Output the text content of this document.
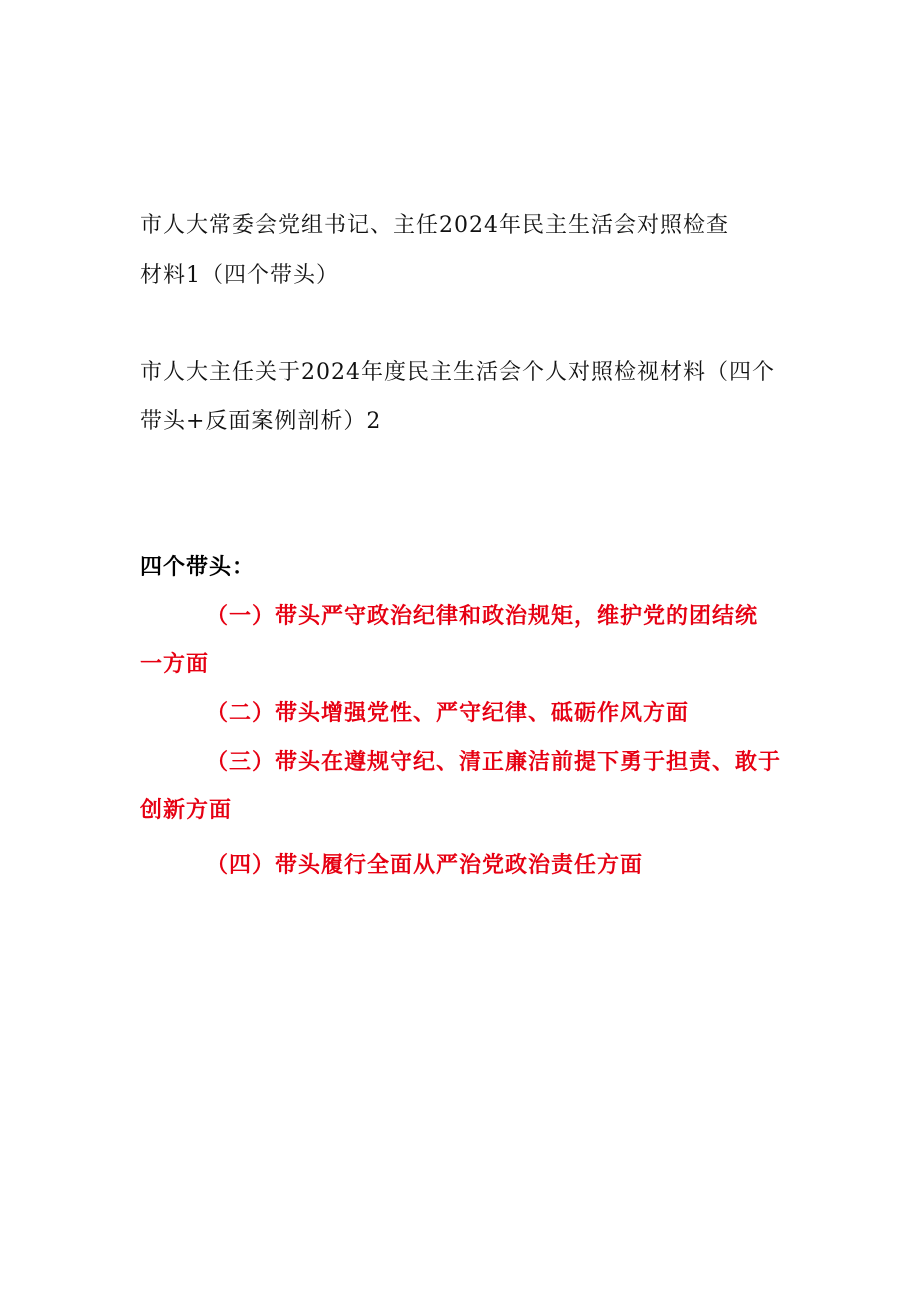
市人大常委会党组书记、主任2024年民主生活会对照检查
材料1（四个带头）
市人大主任关于2024年度民主生活会个人对照检视材料（四个
带头+反面案例剖析）2
四个带头：
（一）带头严守政治纪律和政治规矩，维护党的团结统
一方面
（二）带头增强党性、严守纪律、砥砺作风方面
（三）带头在遵规守纪、清正廉洁前提下勇于担责、敢于
创新方面
（四）带头履行全面从严治党政治责任方面
